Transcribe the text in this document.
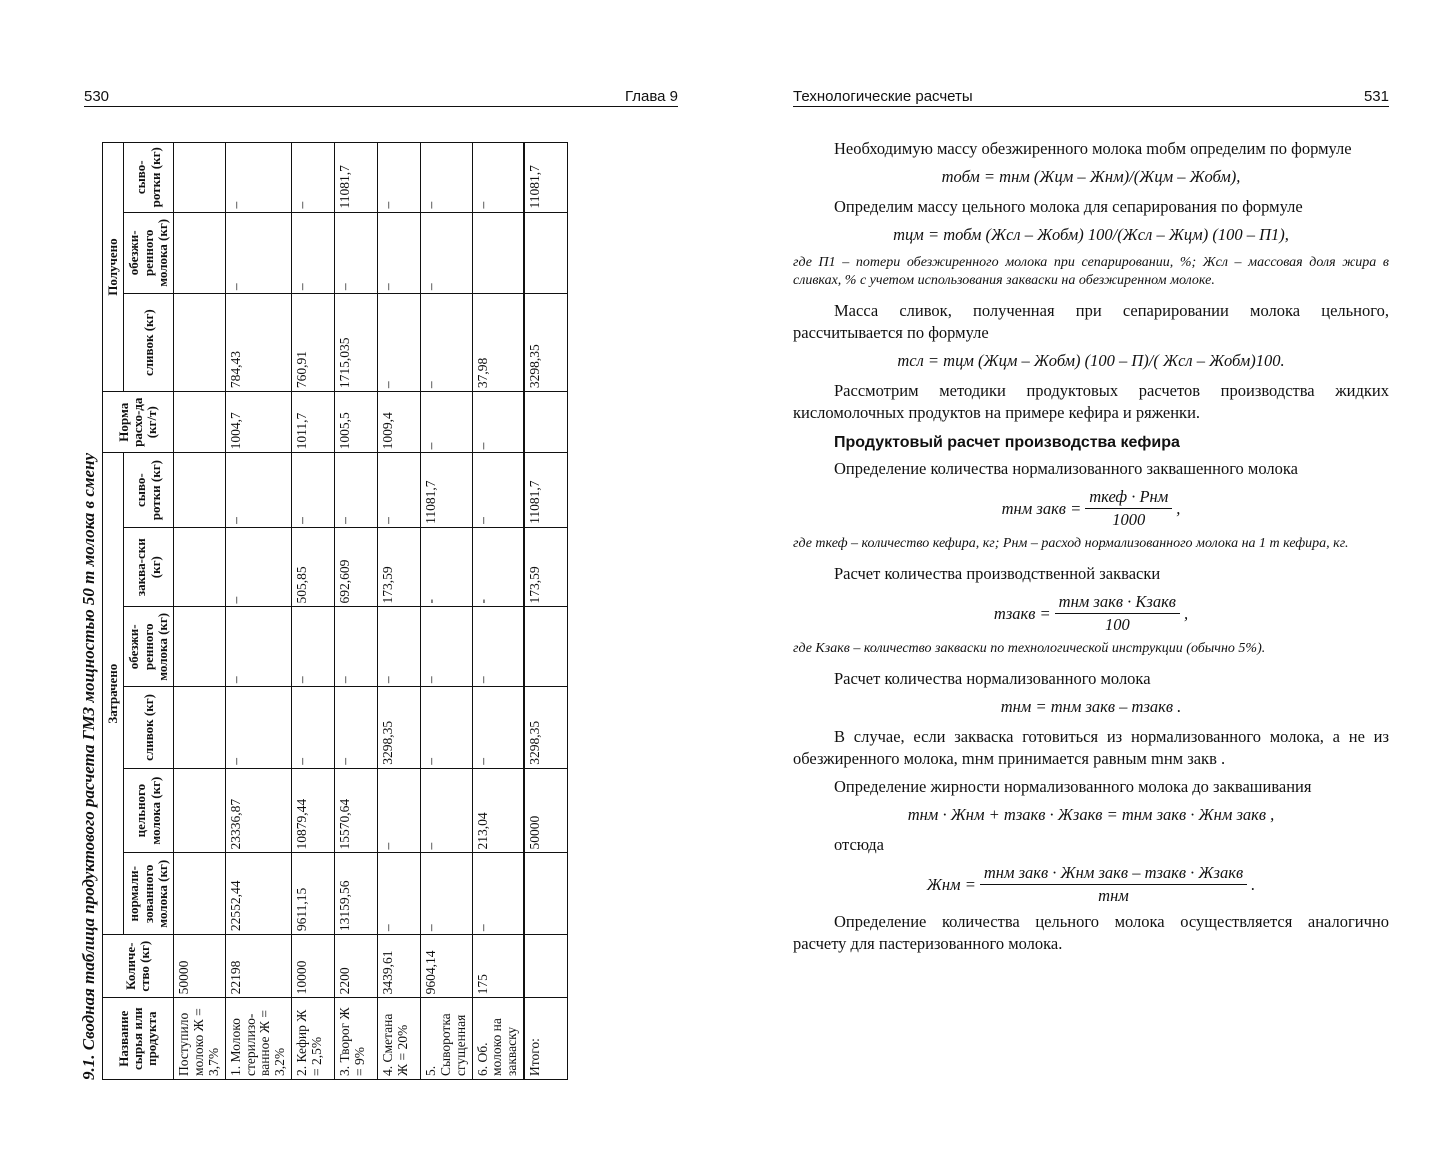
530	Глава 9
9.1. Сводная таблица продуктового расчета ГМЗ мощностью 50 т молока в смену	Название сырья или продукта	Количе-ство (кг)	Затрачено						Норма расхо-да (кг/т)	Получено		
		нормали-зованного молока (кг)	цельного молока (кг)	сливок (кг)	обезжи-ренного молока (кг)	заква-ски (кг)	сыво-ротки (кг)		сливок (кг)	обезжи-ренного молока (кг)	сыво-ротки (кг)
Поступило молоко Ж = 3,7%	50000										
1. Молоко стерилизо-ванное Ж = 3,2%	22198	22552,44	23336,87	–	–	–	–	1004,7	784,43	–	–
2. Кефир Ж = 2,5%	10000	9611,15	10879,44	–	–	505,85	–	1011,7	760,91	–	–
3. Творог Ж = 9%	2200	13159,56	15570,64	–	–	692,609	–	1005,5	1715,035	–	11081,7
4. Сметана Ж = 20%	3439,61	–	–	3298,35	–	173,59	–	1009,4	–	–	–
5. Сыворотка сгущенная	9604,14	–	–	–	–	-	11081,7	–	–	–	–
6. Об. молоко на закваску	175	–	213,04	–	–	-	–	–	37,98		–
Итого:			50000	3298,35		173,59	11081,7		3298,35		11081,7
Технологические расчеты	531

Необходимую массу обезжиренного молока mобм определим по формуле

mобм = mнм (Жцм – Жнм)/(Жцм – Жобм),

Определим массу цельного молока для сепарирования по формуле

mцм = mобм (Жсл – Жобм) 100/(Жсл – Жцм) (100 – П1),
где П1 – потери обезжиренного молока при сепарировании, %; Жсл – массовая доля жира в сливках, % с учетом использования закваски на обезжиренном молоке.

Масса сливок, полученная при сепарировании молока цельного, рассчитывается по формуле

mсл = mцм (Жцм – Жобм) (100 – П)/( Жсл – Жобм)100.

Рассмотрим методики продуктовых расчетов производства жидких кисломолочных продуктов на примере кефира и ряженки.

Продуктовый расчет производства кефира

Определение количества нормализованного заквашенного молока

mнм закв = $\frac{\text{mкеф · Pнм}}{1000}$ ,
где mкеф – количество кефира, кг; Pнм – расход нормализованного молока на 1 т кефира, кг.

Расчет количества производственной закваски

mзакв = $\frac{\text{mнм закв · Kзакв}}{100}$ ,
где Kзакв – количество закваски по технологической инструкции (обычно 5%).

Расчет количества нормализованного молока

mнм = mнм закв – mзакв .

В случае, если закваска готовиться из нормализованного молока, а не из обезжиренного молока, mнм принимается равным mнм закв .

Определение жирности нормализованного молока до заквашивания

mнм · Жнм + mзакв · Жзакв = mнм закв · Жнм закв ,

отсюда

Жнм = $\frac{\text{mнм закв · Жнм закв – mзакв · Жзакв}}{\text{mнм}}$ .

Определение количества цельного молока осуществляется аналогично расчету для пастеризованного молока.
